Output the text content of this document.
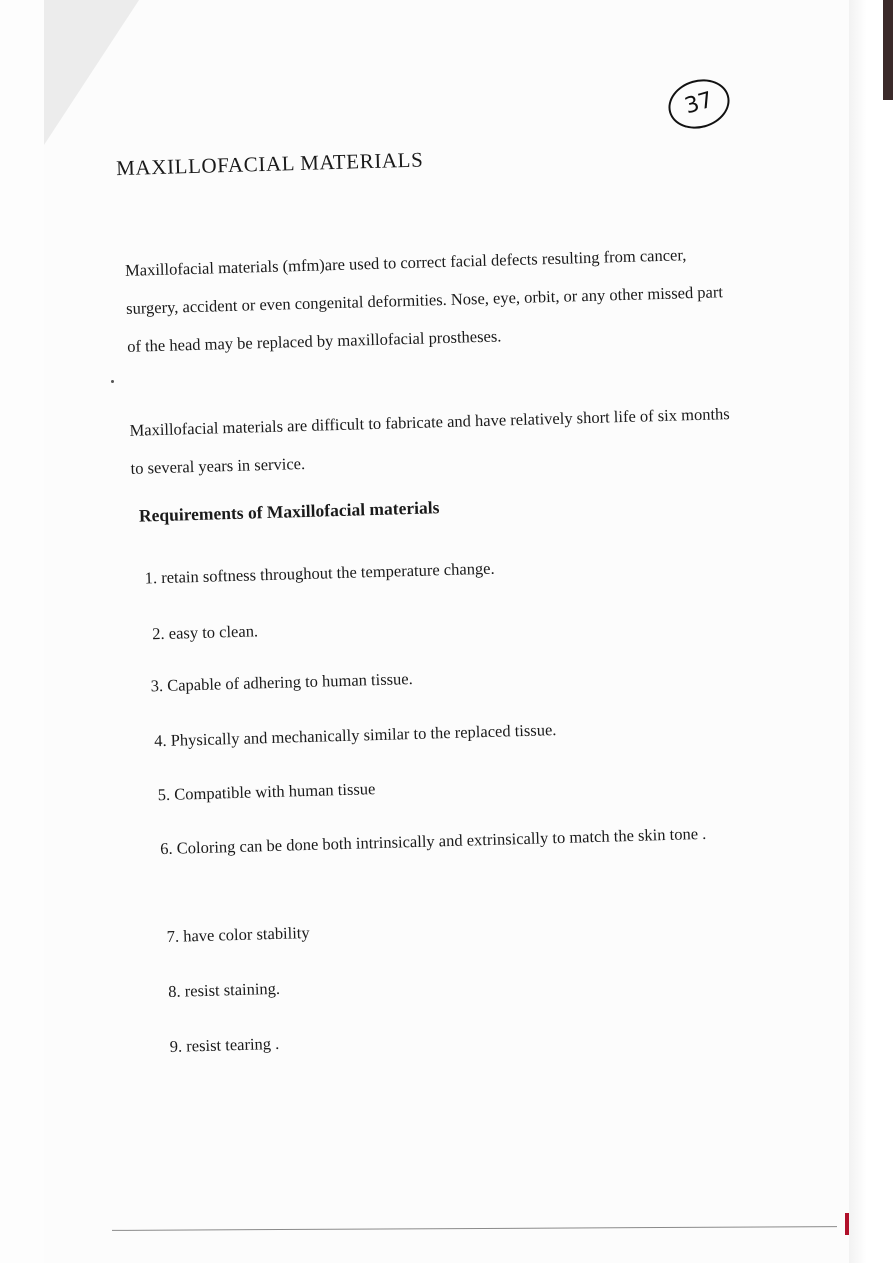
37
MAXILLOFACIAL MATERIALS

Maxillofacial materials (mfm)are used to correct facial defects resulting from cancer, surgery, accident or even congenital deformities. Nose, eye, orbit, or any other missed part of the head may be replaced by maxillofacial prostheses.

Maxillofacial materials are difficult to fabricate and have relatively short life of six months to several years in service.

Requirements of Maxillofacial materials

1. retain softness throughout the temperature change.

2. easy to clean.

3. Capable of adhering to human tissue.

4. Physically and mechanically similar to the replaced tissue.

5. Compatible with human tissue

6. Coloring can be done both intrinsically and extrinsically to match the skin tone .

7. have color stability

8. resist staining.

9. resist tearing .
